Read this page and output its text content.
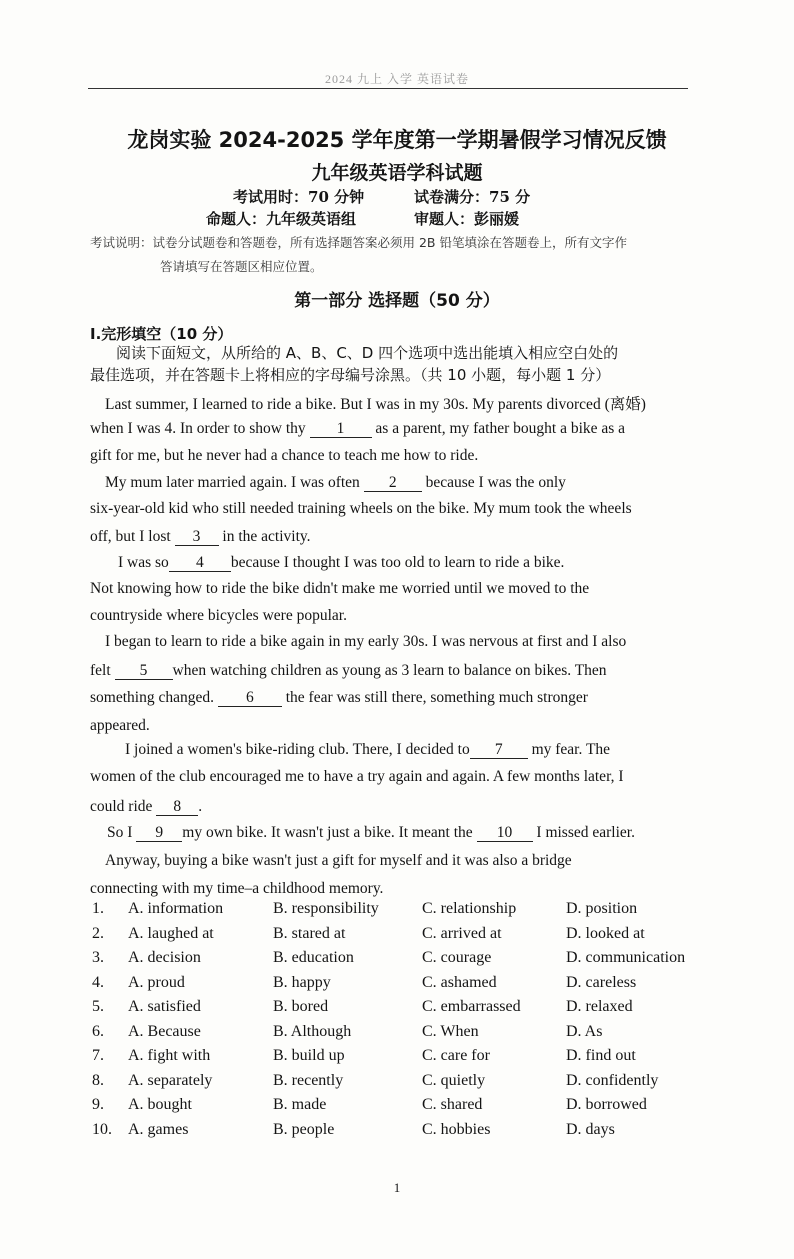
2024 九上 入学 英语试卷
龙岗实验 2024-2025 学年度第一学期暑假学习情况反馈
九年级英语学科试题
考试用时：70 分钟	试卷满分：75 分
命题人：九年级英语组	审题人：彭丽媛
考试说明：试卷分试题卷和答题卷，所有选择题答案必须用 2B 铅笔填涂在答题卷上，所有文字作
答请填写在答题区相应位置。
第一部分 选择题（50 分）
I.完形填空（10 分）
阅读下面短文，从所给的 A、B、C、D 四个选项中选出能填入相应空白处的
最佳选项，并在答题卡上将相应的字母编号涂黑。（共 10 小题，每小题 1 分）
Last summer, I learned to ride a bike. But I was in my 30s. My parents divorced (离婚)
when I was 4. In order to show thy 1 as a parent, my father bought a bike as a
gift for me, but he never had a chance to teach me how to ride.
My mum later married again. I was often 2 because I was the only
six-year-old kid who still needed training wheels on the bike. My mum took the wheels
off, but I lost 3 in the activity.
I was so 4 because I thought I was too old to learn to ride a bike.
Not knowing how to ride the bike didn't make me worried until we moved to the
countryside where bicycles were popular.
I began to learn to ride a bike again in my early 30s. I was nervous at first and I also
felt 5 when watching children as young as 3 learn to balance on bikes. Then
something changed. 6 the fear was still there, something much stronger
appeared.
I joined a women's bike-riding club. There, I decided to 7 my fear. The
women of the club encouraged me to have a try again and again. A few months later, I
could ride 8 .
So I 9 my own bike. It wasn't just a bike. It meant the 10 I missed earlier.
Anyway, buying a bike wasn't just a gift for myself and it was also a bridge
connecting with my time–a childhood memory.
1. A. information	B. responsibility	C. relationship	D. position
2. A. laughed at	B. stared at	C. arrived at	D. looked at
3. A. decision	B. education	C. courage	D. communication
4. A. proud	B. happy	C. ashamed	D. careless
5. A. satisfied	B. bored	C. embarrassed	D. relaxed
6. A. Because	B. Although	C. When	D. As
7. A. fight with	B. build up	C. care for	D. find out
8. A. separately	B. recently	C. quietly	D. confidently
9. A. bought	B. made	C. shared	D. borrowed
10. A. games	B. people	C. hobbies	D. days
1
